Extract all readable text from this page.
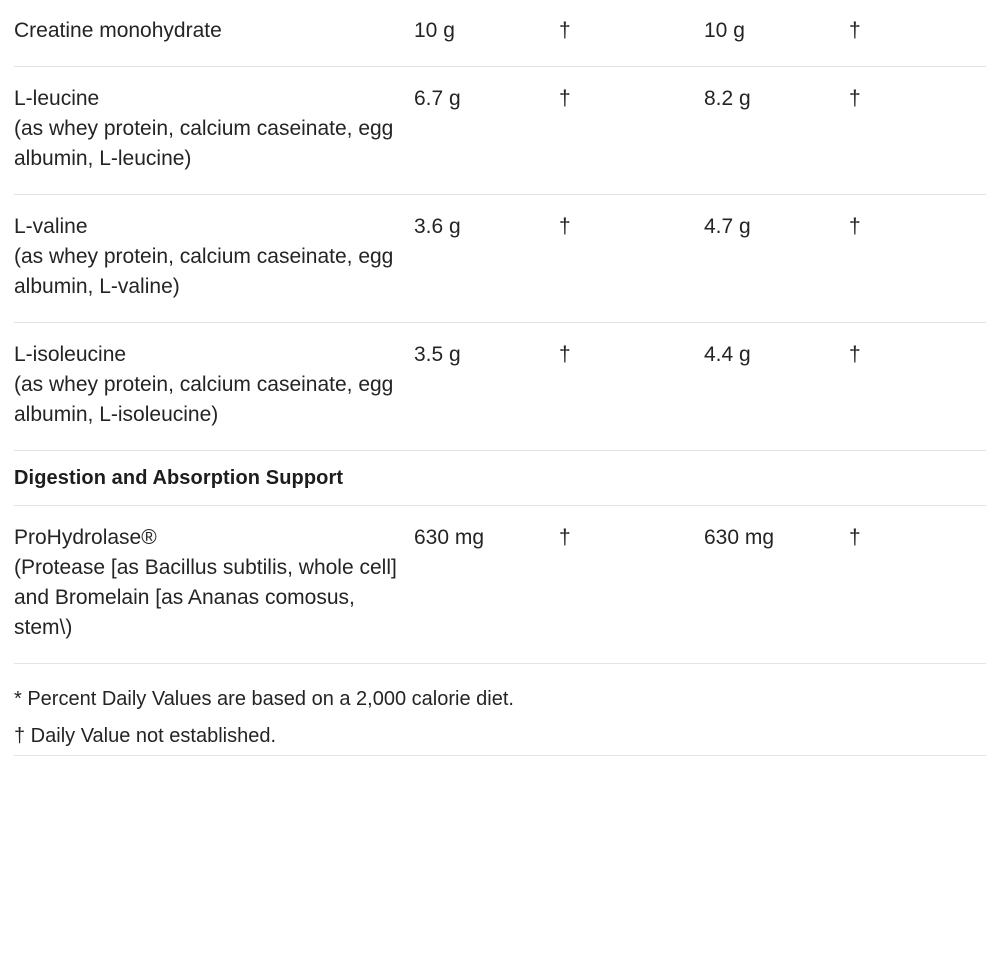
Creatine monohydrate	10 g	†	10 g	†

L-leucine
(as whey protein, calcium caseinate, egg albumin, L-leucine)	6.7 g	†	8.2 g	†

L-valine
(as whey protein, calcium caseinate, egg albumin, L-valine)	3.6 g	†	4.7 g	†

L-isoleucine
(as whey protein, calcium caseinate, egg albumin, L-isoleucine)	3.5 g	†	4.4 g	†
Digestion and Absorption Support				

ProHydrolase®
(Protease [as Bacillus subtilis, whole cell] and Bromelain [as Ananas comosus, stem\)	630 mg	†	630 mg	†

* Percent Daily Values are based on a 2,000 calorie diet.
† Daily Value not established.				
